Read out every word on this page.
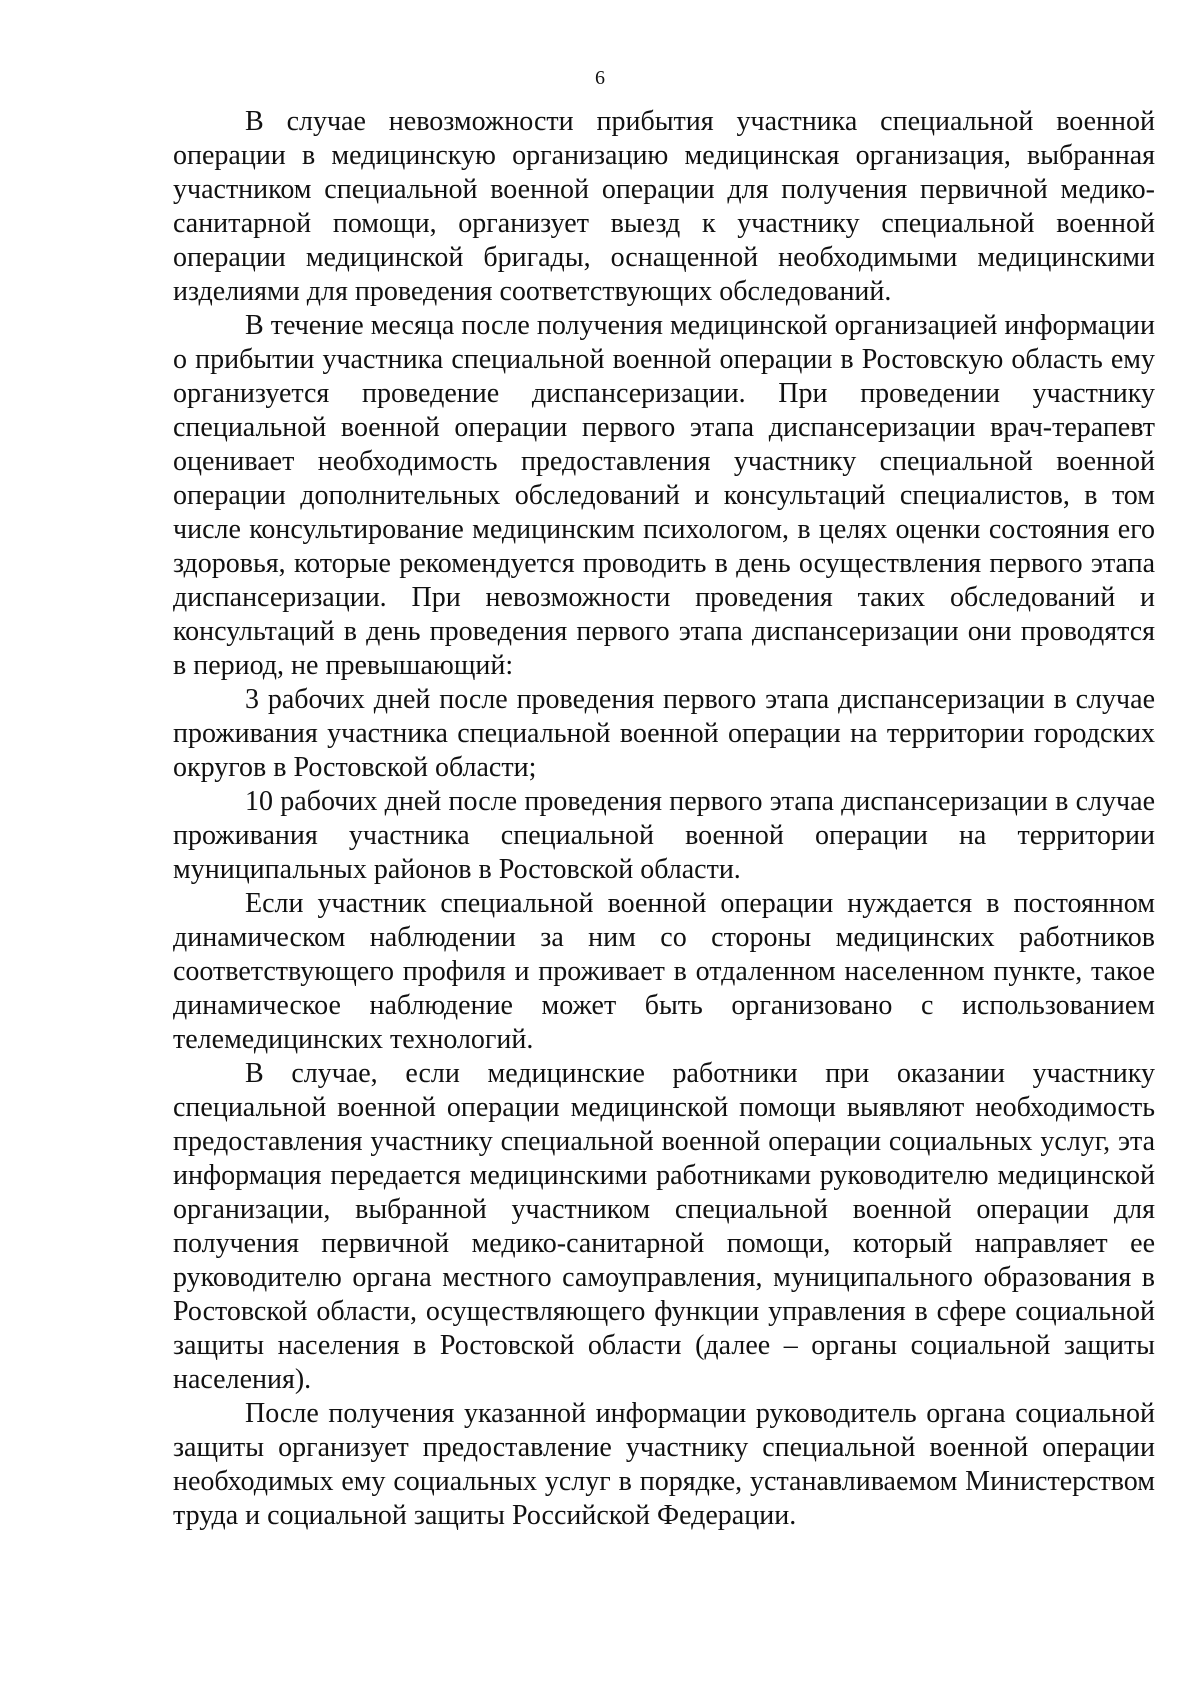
6

В случае невозможности прибытия участника специальной военной операции в медицинскую организацию медицинская организация, выбранная участником специальной военной операции для получения первичной медико-санитарной помощи, организует выезд к участнику специальной военной операции медицинской бригады, оснащенной необходимыми медицинскими изделиями для проведения соответствующих обследований.

В течение месяца после получения медицинской организацией информации о прибытии участника специальной военной операции в Ростовскую область ему организуется проведение диспансеризации. При проведении участнику специальной военной операции первого этапа диспансеризации врач-терапевт оценивает необходимость предоставления участнику специальной военной операции дополнительных обследований и консультаций специалистов, в том числе консультирование медицинским психологом, в целях оценки состояния его здоровья, которые рекомендуется проводить в день осуществления первого этапа диспансеризации. При невозможности проведения таких обследований и консультаций в день проведения первого этапа диспансеризации они проводятся в период, не превышающий:

3 рабочих дней после проведения первого этапа диспансеризации в случае проживания участника специальной военной операции на территории городских округов в Ростовской области;

10 рабочих дней после проведения первого этапа диспансеризации в случае проживания участника специальной военной операции на территории муниципальных районов в Ростовской области.

Если участник специальной военной операции нуждается в постоянном динамическом наблюдении за ним со стороны медицинских работников соответствующего профиля и проживает в отдаленном населенном пункте, такое динамическое наблюдение может быть организовано с использованием телемедицинских технологий.

В случае, если медицинские работники при оказании участнику специальной военной операции медицинской помощи выявляют необходимость предоставления участнику специальной военной операции социальных услуг, эта информация передается медицинскими работниками руководителю медицинской организации, выбранной участником специальной военной операции для получения первичной медико-санитарной помощи, который направляет ее руководителю органа местного самоуправления, муниципального образования в Ростовской области, осуществляющего функции управления в сфере социальной защиты населения в Ростовской области (далее – органы социальной защиты населения).

После получения указанной информации руководитель органа социальной защиты организует предоставление участнику специальной военной операции необходимых ему социальных услуг в порядке, устанавливаемом Министерством труда и социальной защиты Российской Федерации.
